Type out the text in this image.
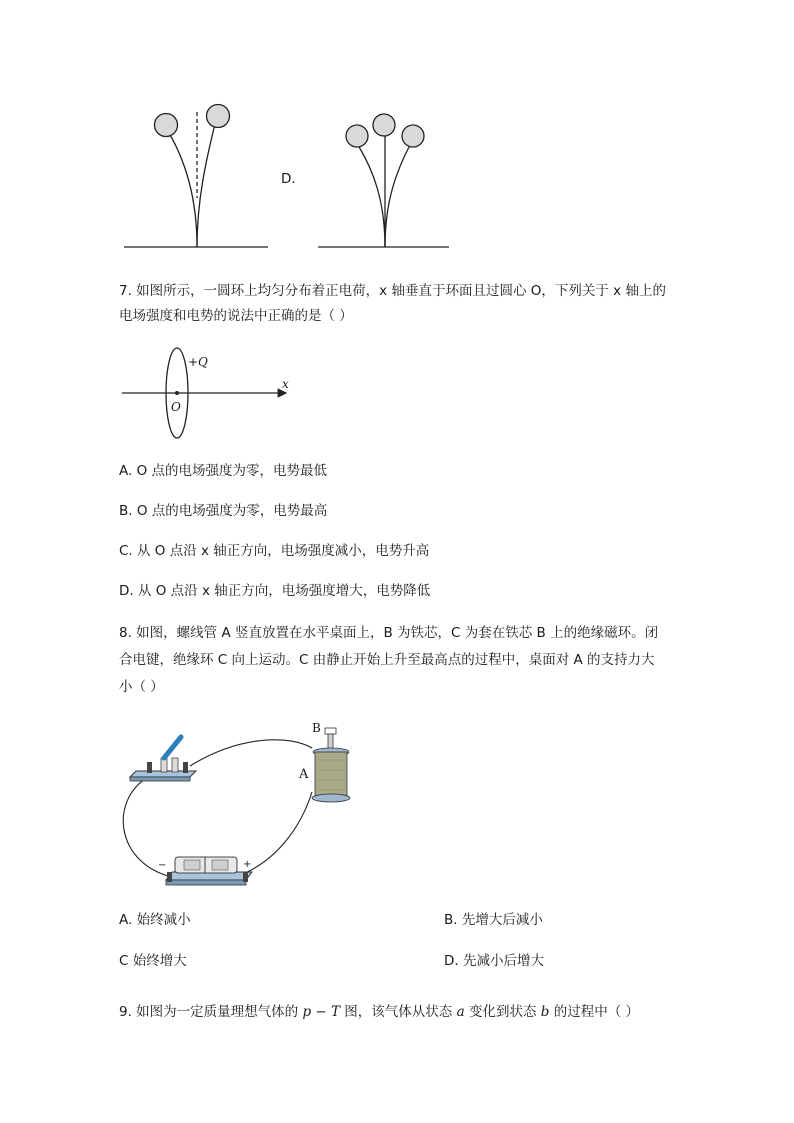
D.
7. 如图所示，一圆环上均匀分布着正电荷，x 轴垂直于环面且过圆心 O，下列关于 x 轴上的
电场强度和电势的说法中正确的是（ ）
+Q
x
O
A. O 点的电场强度为零，电势最低
B. O 点的电场强度为零，电势最高
C. 从 O 点沿 x 轴正方向，电场强度减小，电势升高
D. 从 O 点沿 x 轴正方向，电场强度增大，电势降低
8. 如图，螺线管 A 竖直放置在水平桌面上，B 为铁芯，C 为套在铁芯 B 上的绝缘磁环。闭
合电键，绝缘环 C 向上运动。C 由静止开始上升至最高点的过程中，桌面对 A 的支持力大
小（ ）
B
A
−	+
A. 始终减小	B. 先增大后减小
C 始终增大	D. 先减小后增大
9. 如图为一定质量理想气体的 p − T 图，该气体从状态 a 变化到状态 b 的过程中（ ）
